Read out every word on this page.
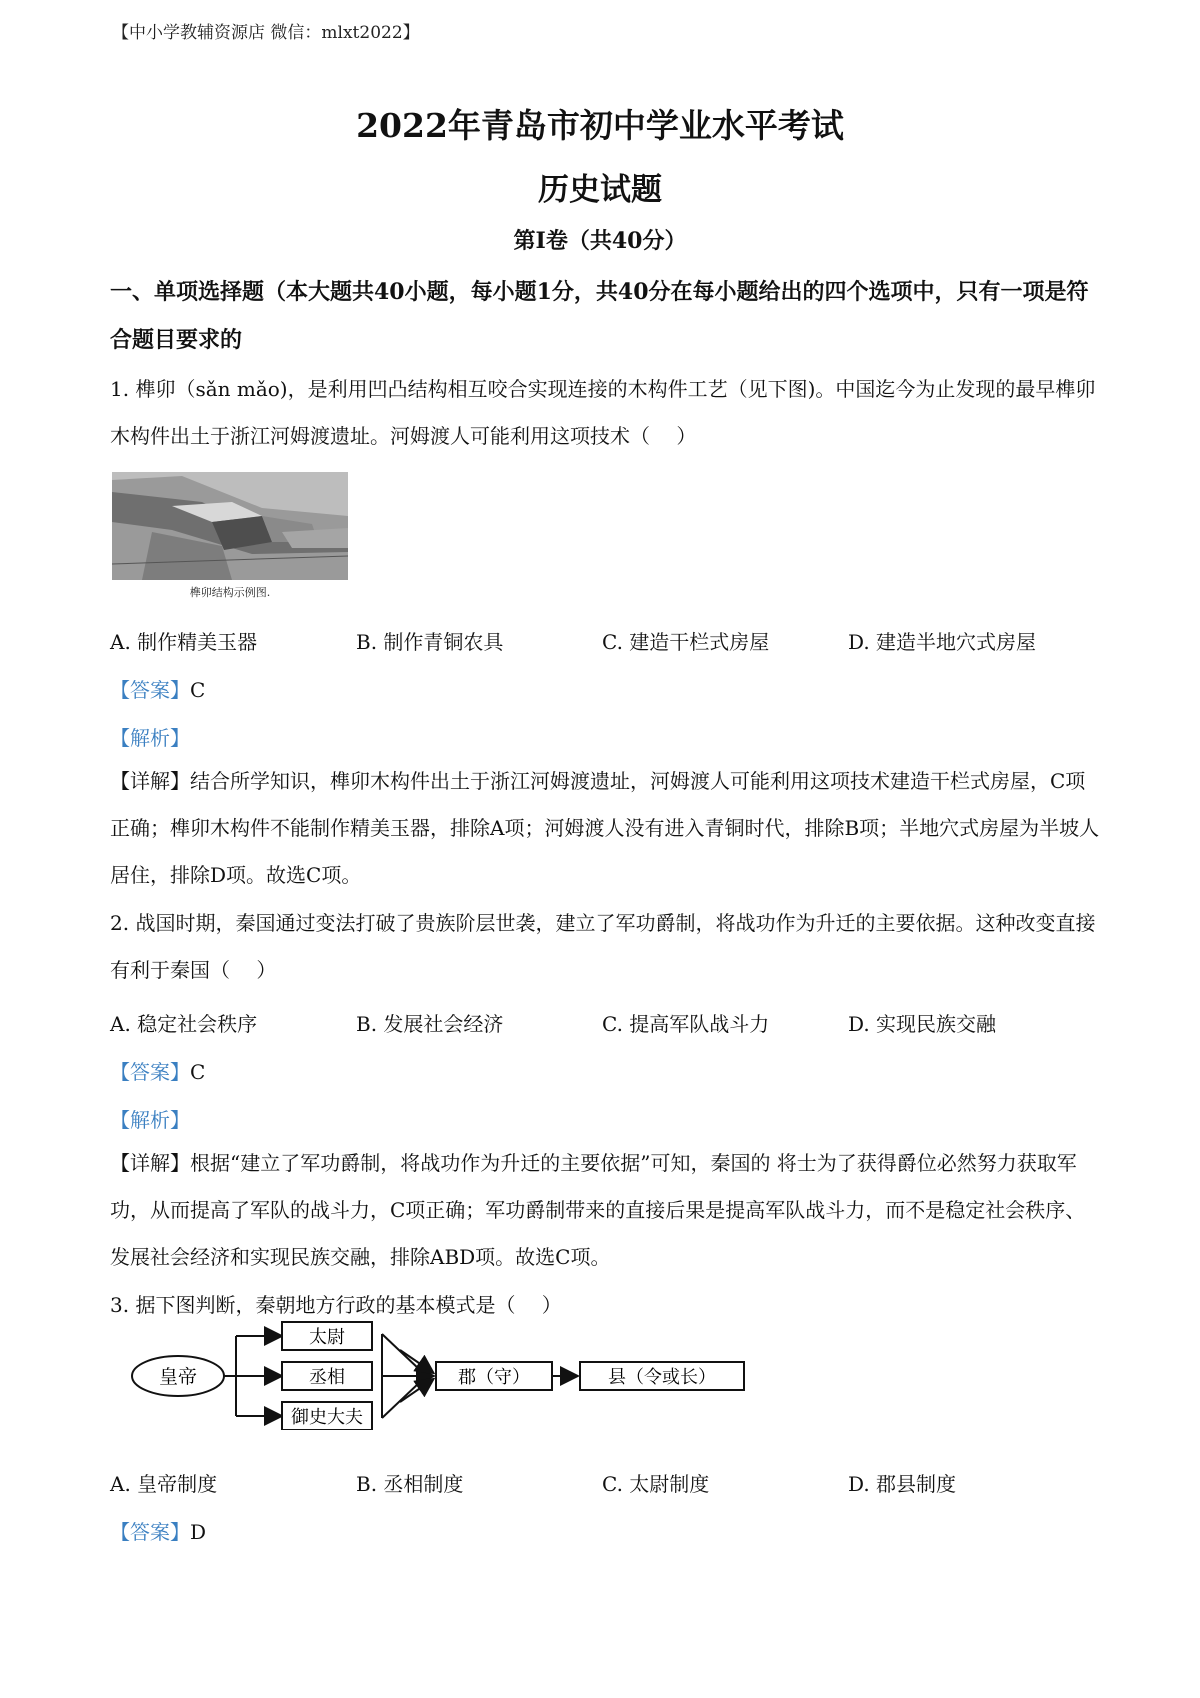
【中小学教辅资源店 微信：mlxt2022】
2022年青岛市初中学业水平考试
历史试题
第Ⅰ卷（共40分）
一、单项选择题（本大题共40小题，每小题1分，共40分在每小题给出的四个选项中，只有一项是符合题目要求的
1. 榫卯（sǎn mǎo)，是利用凹凸结构相互咬合实现连接的木构件工艺（见下图)。中国迄今为止发现的最早榫卯木构件出土于浙江河姆渡遗址。河姆渡人可能利用这项技术（　 ）
榫卯结构示例图.
A. 制作精美玉器	B. 制作青铜农具	C. 建造干栏式房屋	D. 建造半地穴式房屋
【答案】C
【解析】
【详解】结合所学知识，榫卯木构件出土于浙江河姆渡遗址，河姆渡人可能利用这项技术建造干栏式房屋，C项正确；榫卯木构件不能制作精美玉器，排除A项；河姆渡人没有进入青铜时代，排除B项；半地穴式房屋为半坡人居住，排除D项。故选C项。
2. 战国时期，秦国通过变法打破了贵族阶层世袭，建立了军功爵制，将战功作为升迁的主要依据。这种改变直接有利于秦国（　 ）
A. 稳定社会秩序	B. 发展社会经济	C. 提高军队战斗力	D. 实现民族交融
【答案】C
【解析】
【详解】根据“建立了军功爵制，将战功作为升迁的主要依据”可知，秦国的 将士为了获得爵位必然努力获取军功，从而提高了军队的战斗力，C项正确；军功爵制带来的直接后果是提高军队战斗力，而不是稳定社会秩序、发展社会经济和实现民族交融，排除ABD项。故选C项。
3. 据下图判断，秦朝地方行政的基本模式是（　 ）
皇帝
太尉
丞相
御史大夫
郡（守）	县（令或长）
A. 皇帝制度	B. 丞相制度	C. 太尉制度	D. 郡县制度
【答案】D
